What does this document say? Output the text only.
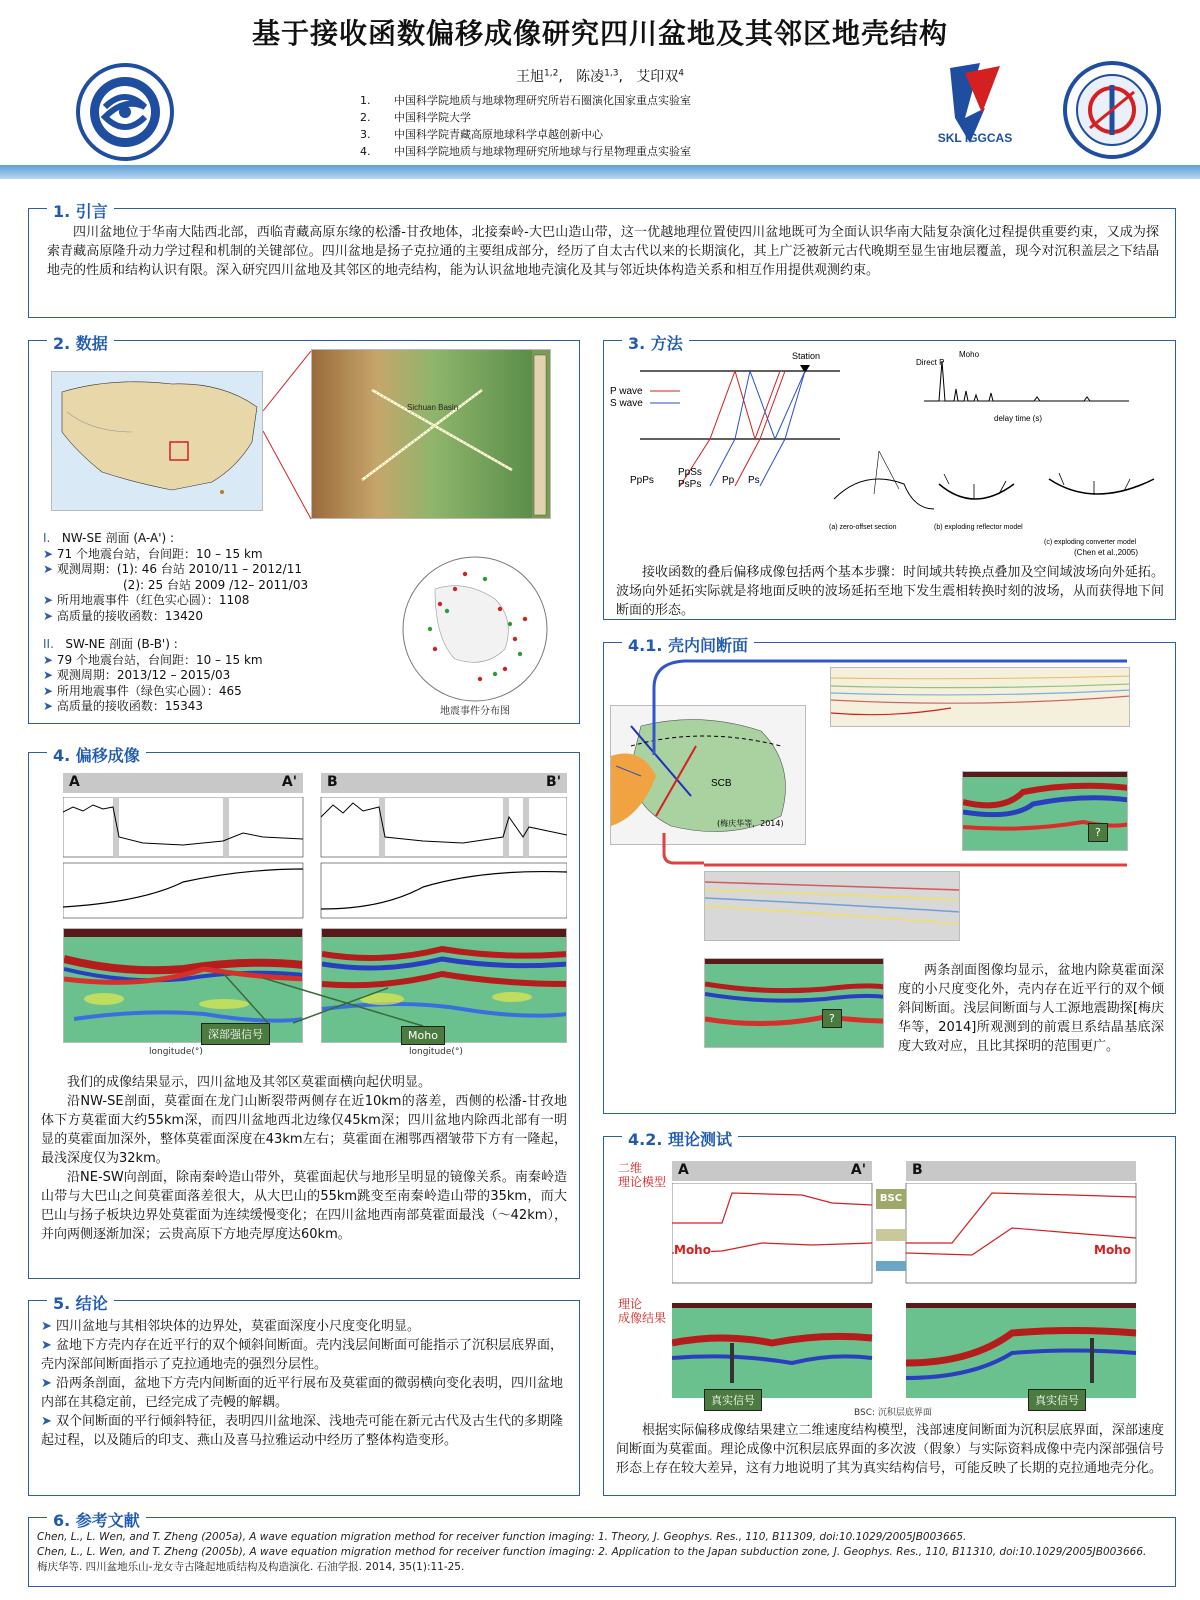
基于接收函数偏移成像研究四川盆地及其邻区地壳结构
王旭$^{1,2}$,   陈凌$^{1,3}$,   艾印双$^4$
1. 中国科学院地质与地球物理研究所岩石圈演化国家重点实验室
2. 中国科学院大学
3. 中国科学院青藏高原地球科学卓越创新中心
4. 中国科学院地质与地球物理研究所地球与行星物理重点实验室
SKL IGGCAS
1. 引言
四川盆地位于华南大陆西北部，西临青藏高原东缘的松潘-甘孜地体，北接秦岭-大巴山造山带，这一优越地理位置使四川盆地既可为全面认识华南大陆复杂演化过程提供重要约束，又成为探索青藏高原隆升动力学过程和机制的关键部位。四川盆地是扬子克拉通的主要组成部分，经历了自太古代以来的长期演化，其上广泛被新元古代晚期至显生宙地层覆盖，现今对沉积盖层之下结晶地壳的性质和结构认识有限。深入研究四川盆地及其邻区的地壳结构，能为认识盆地地壳演化及其与邻近块体构造关系和相互作用提供观测约束。
2. 数据
Sichuan Basin
I. NW-SE 剖面 (A-A') :
➤ 71 个地震台站，台间距：10 – 15 km
➤ 观测周期：(1): 46 台站 2010/11 – 2012/11
(2): 25 台站 2009 /12– 2011/03
➤ 所用地震事件（红色实心圆）：1108
➤ 高质量的接收函数：13420
II. SW-NE 剖面 (B-B') :
➤ 79 个地震台站，台间距：10 – 15 km
➤ 观测周期：2013/12 – 2015/03
➤ 所用地震事件（绿色实心圆）：465
➤ 高质量的接收函数：15343	地震事件分布图
3. 方法
Station
P wave
S wave
PpPs
PpSs
PsPs Pp Ps
Direct P
Moho
delay time (s)
(a) zero-offset section	(b) exploding reflector model
(c) exploding converter model
(Chen et al.,2005)
接收函数的叠后偏移成像包括两个基本步骤：时间域共转换点叠加及空间域波场向外延拓。波场向外延拓实际就是将地面反映的波场延拓至地下发生震相转换时刻的波场，从而获得地下间断面的形态。
4. 偏移成像
A	A' B	B'
深部强信号	Moho
longitude(°)	longitude(°)
我们的成像结果显示，四川盆地及其邻区莫霍面横向起伏明显。
沿NW-SE剖面，莫霍面在龙门山断裂带两侧存在近10km的落差，西侧的松潘-甘孜地体下方莫霍面大约55km深，而四川盆地西北边缘仅45km深；四川盆地内除西北部有一明显的莫霍面加深外，整体莫霍面深度在43km左右；莫霍面在湘鄂西褶皱带下方有一隆起，最浅深度仅为32km。
沿NE-SW向剖面，除南秦岭造山带外，莫霍面起伏与地形呈明显的镜像关系。南秦岭造山带与大巴山之间莫霍面落差很大，从大巴山的55km跳变至南秦岭造山带的35km，而大巴山与扬子板块边界处莫霍面为连续缓慢变化；在四川盆地西南部莫霍面最浅（～42km），并向两侧逐渐加深；云贵高原下方地壳厚度达60km。
4.1. 壳内间断面
SCB
(梅庆华等，2014)
?
?
两条剖面图像均显示，盆地内除莫霍面深度的小尺度变化外，壳内存在近平行的双个倾斜间断面。浅层间断面与人工源地震勘探[梅庆华等，2014]所观测到的前震旦系结晶基底深度大致对应，且比其探明的范围更广。
4.2. 理论测试
A	A'	B
二维
理论模型
理论
成像结果
BSC
Moho	Moho
真实信号	真实信号
BSC: 沉积层底界面
根据实际偏移成像结果建立二维速度结构模型，浅部速度间断面为沉积层底界面，深部速度间断面为莫霍面。理论成像中沉积层底界面的多次波（假象）与实际资料成像中壳内深部强信号形态上存在较大差异，这有力地说明了其为真实结构信号，可能反映了长期的克拉通地壳分化。
5. 结论
➤ 四川盆地与其相邻块体的边界处，莫霍面深度小尺度变化明显。
➤ 盆地下方壳内存在近平行的双个倾斜间断面。壳内浅层间断面可能指示了沉积层底界面，壳内深部间断面指示了克拉通地壳的强烈分层性。
➤ 沿两条剖面，盆地下方壳内间断面的近平行展布及莫霍面的微弱横向变化表明，四川盆地内部在其稳定前，已经完成了壳幔的解耦。
➤ 双个间断面的平行倾斜特征，表明四川盆地深、浅地壳可能在新元古代及古生代的多期隆起过程，以及随后的印支、燕山及喜马拉雅运动中经历了整体构造变形。
6. 参考文献
Chen, L., L. Wen, and T. Zheng (2005a), A wave equation migration method for receiver function imaging: 1. Theory, J. Geophys. Res., 110, B11309, doi:10.1029/2005JB003665.
Chen, L., L. Wen, and T. Zheng (2005b), A wave equation migration method for receiver function imaging: 2. Application to the Japan subduction zone, J. Geophys. Res., 110, B11310, doi:10.1029/2005JB003666.
梅庆华等. 四川盆地乐山-龙女寺古隆起地质结构及构造演化. 石油学报. 2014, 35(1):11-25.
